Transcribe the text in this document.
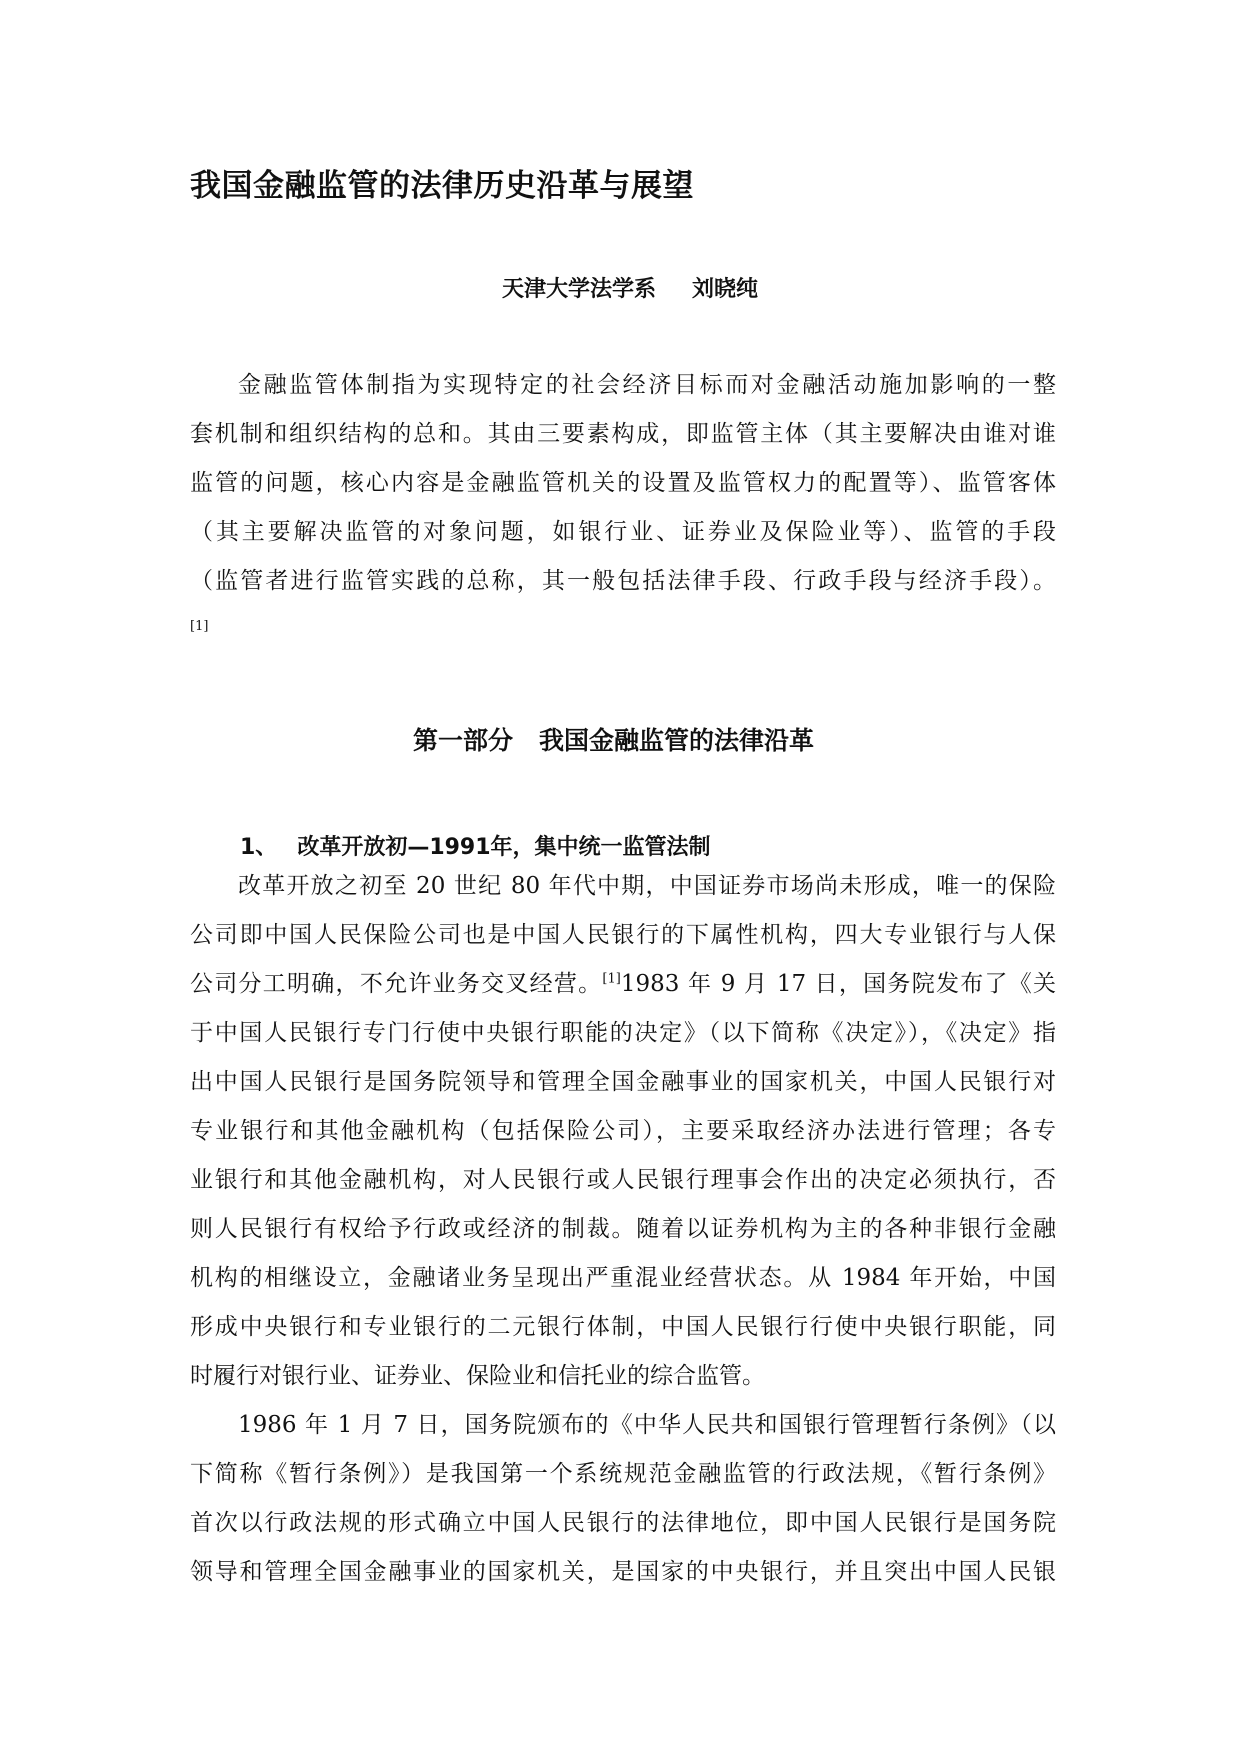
我国金融监管的法律历史沿革与展望

天津大学法学系 刘晓纯

金融监管体制指为实现特定的社会经济目标而对金融活动施加影响的一整

套机制和组织结构的总和。其由三要素构成，即监管主体（其主要解决由谁对谁

监管的问题，核心内容是金融监管机关的设置及监管权力的配置等）、监管客体

（其主要解决监管的对象问题，如银行业、证券业及保险业等）、监管的手段

（监管者进行监管实践的总称，其一般包括法律手段、行政手段与经济手段）。

[1]

第一部分 我国金融监管的法律沿革
1、 改革开放初—1991年，集中统一监管法制

改革开放之初至 20 世纪 80 年代中期，中国证券市场尚未形成，唯一的保险

公司即中国人民保险公司也是中国人民银行的下属性机构，四大专业银行与人保

公司分工明确，不允许业务交叉经营。[1]1983 年 9 月 17 日，国务院发布了《关

于中国人民银行专门行使中央银行职能的决定》（以下简称《决定》），《决定》指

出中国人民银行是国务院领导和管理全国金融事业的国家机关，中国人民银行对

专业银行和其他金融机构（包括保险公司），主要采取经济办法进行管理；各专

业银行和其他金融机构，对人民银行或人民银行理事会作出的决定必须执行，否

则人民银行有权给予行政或经济的制裁。随着以证券机构为主的各种非银行金融

机构的相继设立，金融诸业务呈现出严重混业经营状态。从 1984 年开始，中国

形成中央银行和专业银行的二元银行体制，中国人民银行行使中央银行职能，同

时履行对银行业、证券业、保险业和信托业的综合监管。

1986 年 1 月 7 日，国务院颁布的《中华人民共和国银行管理暂行条例》（以

下简称《暂行条例》）是我国第一个系统规范金融监管的行政法规，《暂行条例》

首次以行政法规的形式确立中国人民银行的法律地位，即中国人民银行是国务院

领导和管理全国金融事业的国家机关，是国家的中央银行，并且突出中国人民银
